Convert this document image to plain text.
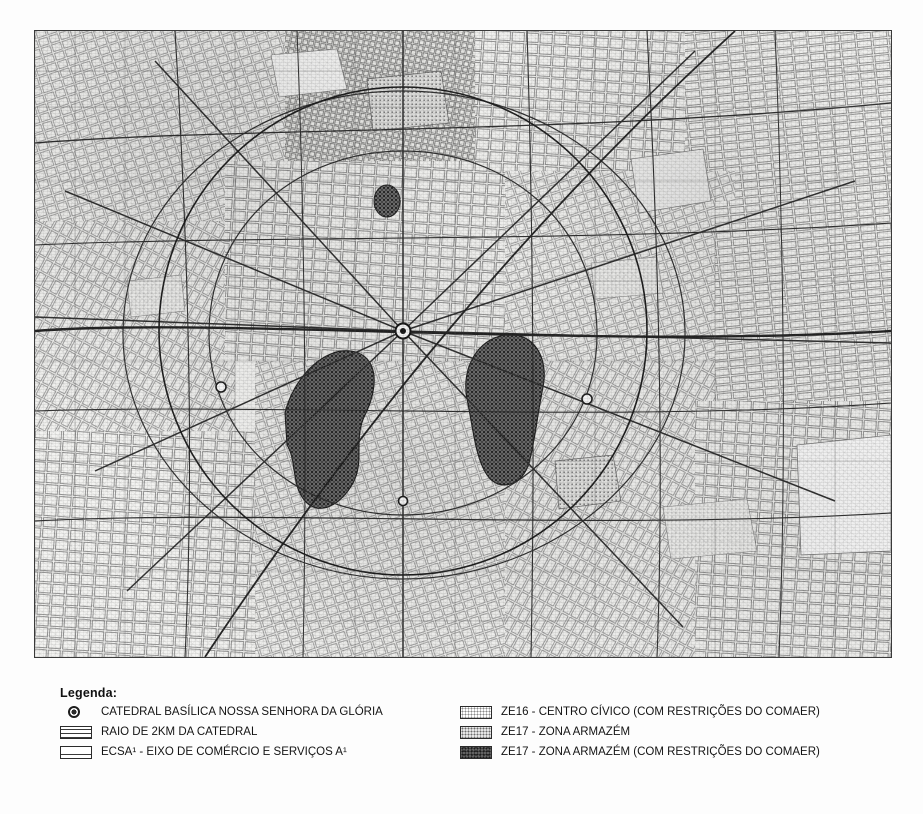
Legenda:
CATEDRAL BASÍLICA NOSSA SENHORA DA GLÓRIA
RAIO DE 2KM DA CATEDRAL
ECSA¹ - EIXO DE COMÉRCIO E SERVIÇOS A¹
ZE16 - CENTRO CÍVICO (COM RESTRIÇÕES DO COMAER)
ZE17 - ZONA ARMAZÉM
ZE17 - ZONA ARMAZÉM (COM RESTRIÇÕES DO COMAER)
